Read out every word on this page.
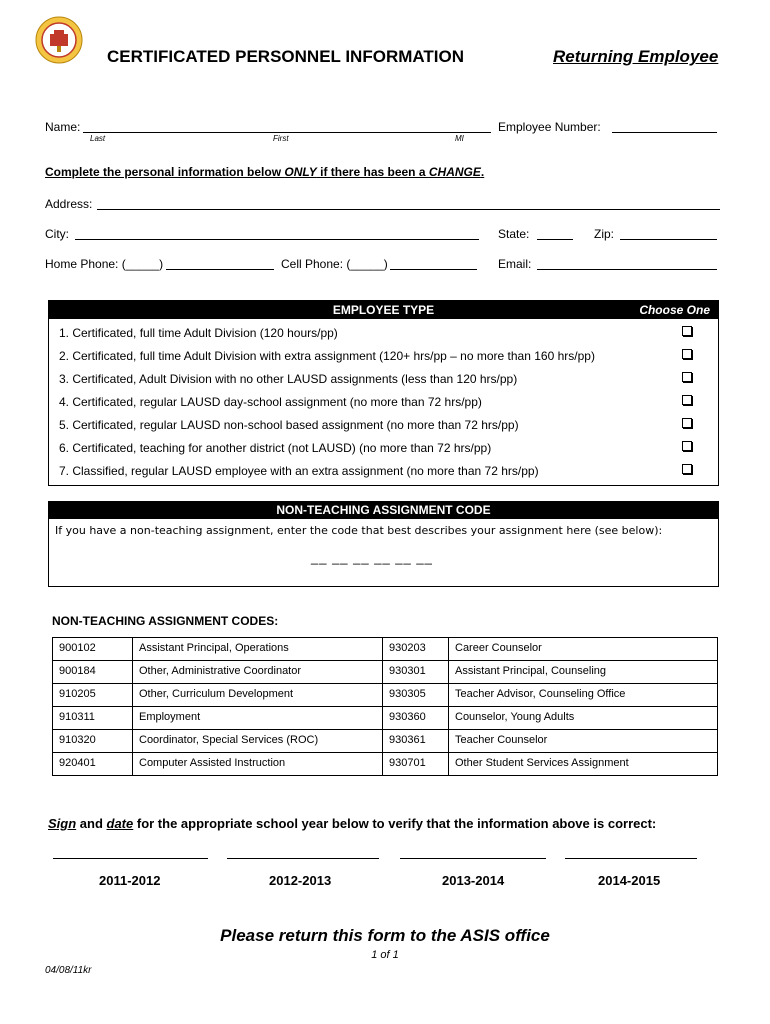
CERTIFICATED PERSONNEL INFORMATION	Returning Employee
Name:
Last	First	MI
Employee Number:
Complete the personal information below ONLY if there has been a CHANGE.
Address:
City:	State:	Zip:
Home Phone: (_____)	Cell Phone: (_____)	Email:
EMPLOYEE TYPE	Choose One
1. Certificated, full time Adult Division (120 hours/pp)
2. Certificated, full time Adult Division with extra assignment (120+ hrs/pp – no more than 160 hrs/pp)
3. Certificated, Adult Division with no other LAUSD assignments (less than 120 hrs/pp)
4. Certificated, regular LAUSD day-school assignment (no more than 72 hrs/pp)
5. Certificated, regular LAUSD non-school based assignment (no more than 72 hrs/pp)
6. Certificated, teaching for another district (not LAUSD) (no more than 72 hrs/pp)
7. Classified, regular LAUSD employee with an extra assignment (no more than 72 hrs/pp)
NON-TEACHING ASSIGNMENT CODE
If you have a non-teaching assignment, enter the code that best describes your assignment here (see below):
__ __ __ __ __ __
NON-TEACHING ASSIGNMENT CODES:
900102	Assistant Principal, Operations	930203	Career Counselor
900184	Other, Administrative Coordinator	930301	Assistant Principal, Counseling
910205	Other, Curriculum Development	930305	Teacher Advisor, Counseling Office
910311	Employment	930360	Counselor, Young Adults
910320	Coordinator, Special Services (ROC)	930361	Teacher Counselor
920401	Computer Assisted Instruction	930701	Other Student Services Assignment
Sign and date for the appropriate school year below to verify that the information above is correct:
2011-2012	2012-2013	2013-2014	2014-2015
Please return this form to the ASIS office
1 of 1
04/08/11kr
